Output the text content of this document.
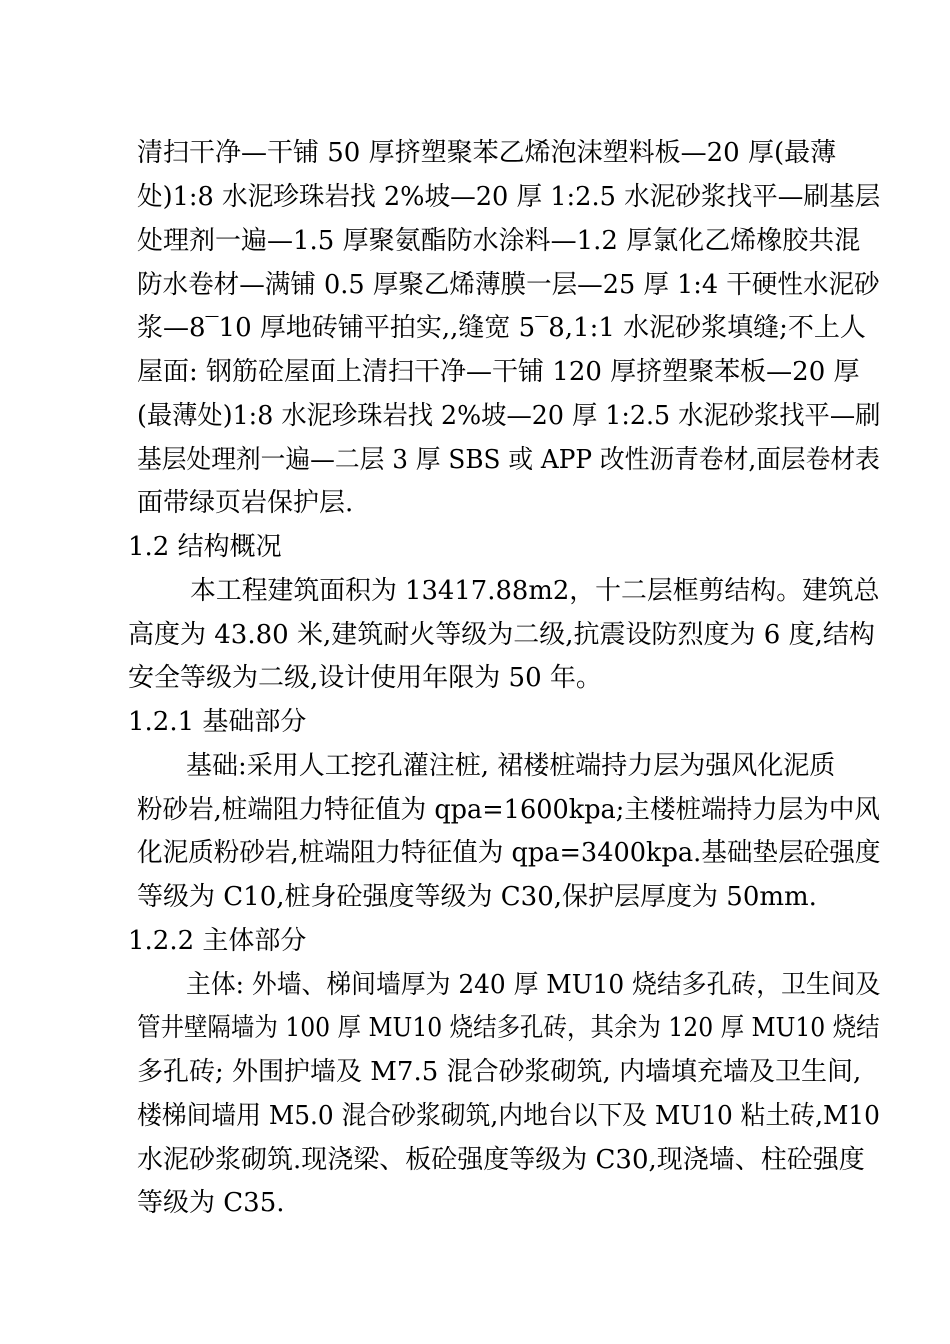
清扫干净—干铺 50 厚挤塑聚苯乙烯泡沫塑料板—20 厚(最薄
处)1:8 水泥珍珠岩找 2%坡—20 厚 1:2.5 水泥砂浆找平—刷基层
处理剂一遍—1.5 厚聚氨酯防水涂料—1.2 厚氯化乙烯橡胶共混
防水卷材—满铺 0.5 厚聚乙烯薄膜一层—25 厚 1:4 干硬性水泥砂
浆—8‾10 厚地砖铺平拍实,,缝宽 5‾8,1:1 水泥砂浆填缝;不上人
屋面: 钢筋砼屋面上清扫干净—干铺 120 厚挤塑聚苯板—20 厚
(最薄处)1:8 水泥珍珠岩找 2%坡—20 厚 1:2.5 水泥砂浆找平—刷
基层处理剂一遍—二层 3 厚 SBS 或 APP 改性沥青卷材,面层卷材表
面带绿页岩保护层.
1.2 结构概况
本工程建筑面积为 13417.88m2，十二层框剪结构。建筑总
高度为 43.80 米,建筑耐火等级为二级,抗震设防烈度为 6 度,结构
安全等级为二级,设计使用年限为 50 年。
1.2.1 基础部分
基础:采用人工挖孔灌注桩, 裙楼桩端持力层为强风化泥质
粉砂岩,桩端阻力特征值为 qpa=1600kpa;主楼桩端持力层为中风
化泥质粉砂岩,桩端阻力特征值为 qpa=3400kpa.基础垫层砼强度
等级为 C10,桩身砼强度等级为 C30,保护层厚度为 50mm.
1.2.2 主体部分
主体: 外墙、梯间墙厚为 240 厚 MU10 烧结多孔砖，卫生间及
管井壁隔墙为 100 厚 MU10 烧结多孔砖，其余为 120 厚 MU10 烧结
多孔砖; 外围护墙及 M7.5 混合砂浆砌筑, 内墙填充墙及卫生间,
楼梯间墙用 M5.0 混合砂浆砌筑,内地台以下及 MU10 粘土砖,M10
水泥砂浆砌筑.现浇梁、板砼强度等级为 C30,现浇墙、柱砼强度
等级为 C35.
